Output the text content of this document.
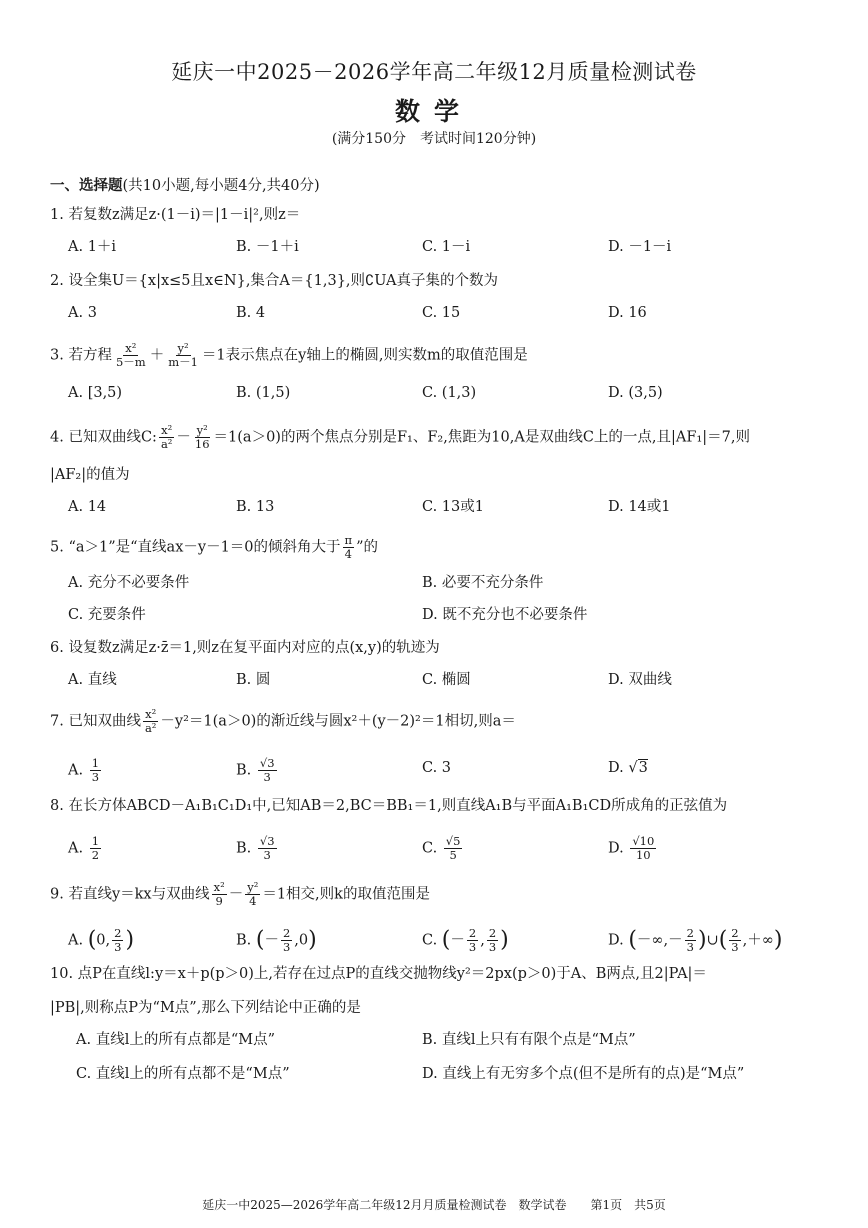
延庆一中2025－2026学年高二年级12月质量检测试卷
数学
(满分150分　考试时间120分钟)
一、选择题(共10小题,每小题4分,共40分)
1. 若复数z满足z·(1－i)＝|1－i|²,则z＝
A. 1＋i	B. －1＋i	C. 1－i	D. －1－i
2. 设全集U＝{x|x≤5且x∈N},集合A＝{1,3},则∁UA真子集的个数为
A. 3	B. 4	C. 15	D. 16
3. 若方程 $\frac{\text{x²}}{5-m} + \frac{\text{y²}}{m-1} =1$表示焦点在y轴上的椭圆,则实数m的取值范围是
A. [3,5)	B. (1,5)	C. (1,3)	D. (3,5)
4. 已知双曲线C: $\frac{\text{x²}}{\text{a²}} - \frac{\text{y²}}{16} =1(a>0)$的两个焦点分别是F₁、F₂,焦距为10,A是双曲线C上的一点,且|AF₁|＝7,则
|AF₂|的值为
A. 14	B. 13	C. 13或1	D. 14或1
5. “a＞1”是“直线ax－y－1＝0的倾斜角大于 $\frac{\pi}{4}$ ”的
A. 充分不必要条件	B. 必要不充分条件
C. 充要条件	D. 既不充分也不必要条件
6. 设复数z满足z·z̄＝1,则z在复平面内对应的点(x,y)的轨迹为
A. 直线	B. 圆	C. 椭圆	D. 双曲线
7. 已知双曲线 $\frac{\text{x²}}{\text{a²}} -y^2=1(a>0)$的渐近线与圆x²＋(y－2)²＝1相切,则a＝
A. $\frac{1}{3}$	B. $\frac{√3}{3}$	C. 3	D. √3
8. 在长方体ABCD－A₁B₁C₁D₁中,已知AB＝2,BC＝BB₁＝1,则直线A₁B与平面A₁B₁CD所成角的正弦值为
A. $\frac{1}{2}$	B. $\frac{√3}{3}$	C. $\frac{√5}{5}$	D. $\frac{√10}{10}$
9. 若直线y＝kx与双曲线 $\frac{\text{x²}}{9} - \frac{\text{y²}}{4} =1$相交,则k的取值范围是
A. (0, $\frac{2}{3}$ )	B. (－ $\frac{2}{3} ,0$)	C. (－ $\frac{2}{3}$ , $\frac{2}{3}$ )	D. (－∞,－ $\frac{2}{3}$ )∪( $\frac{2}{3}$ ,＋∞)
10. 点P在直线l:y＝x＋p(p＞0)上,若存在过点P的直线交抛物线y²＝2px(p＞0)于A、B两点,且2|PA|＝
|PB|,则称点P为“M点”,那么下列结论中正确的是
A. 直线l上的所有点都是“M点”	B. 直线l上只有有限个点是“M点”
C. 直线l上的所有点都不是“M点”	D. 直线上有无穷多个点(但不是所有的点)是“M点”
延庆一中2025—2026学年高二年级12月月质量检测试卷　数学试卷　　第1页　共5页
